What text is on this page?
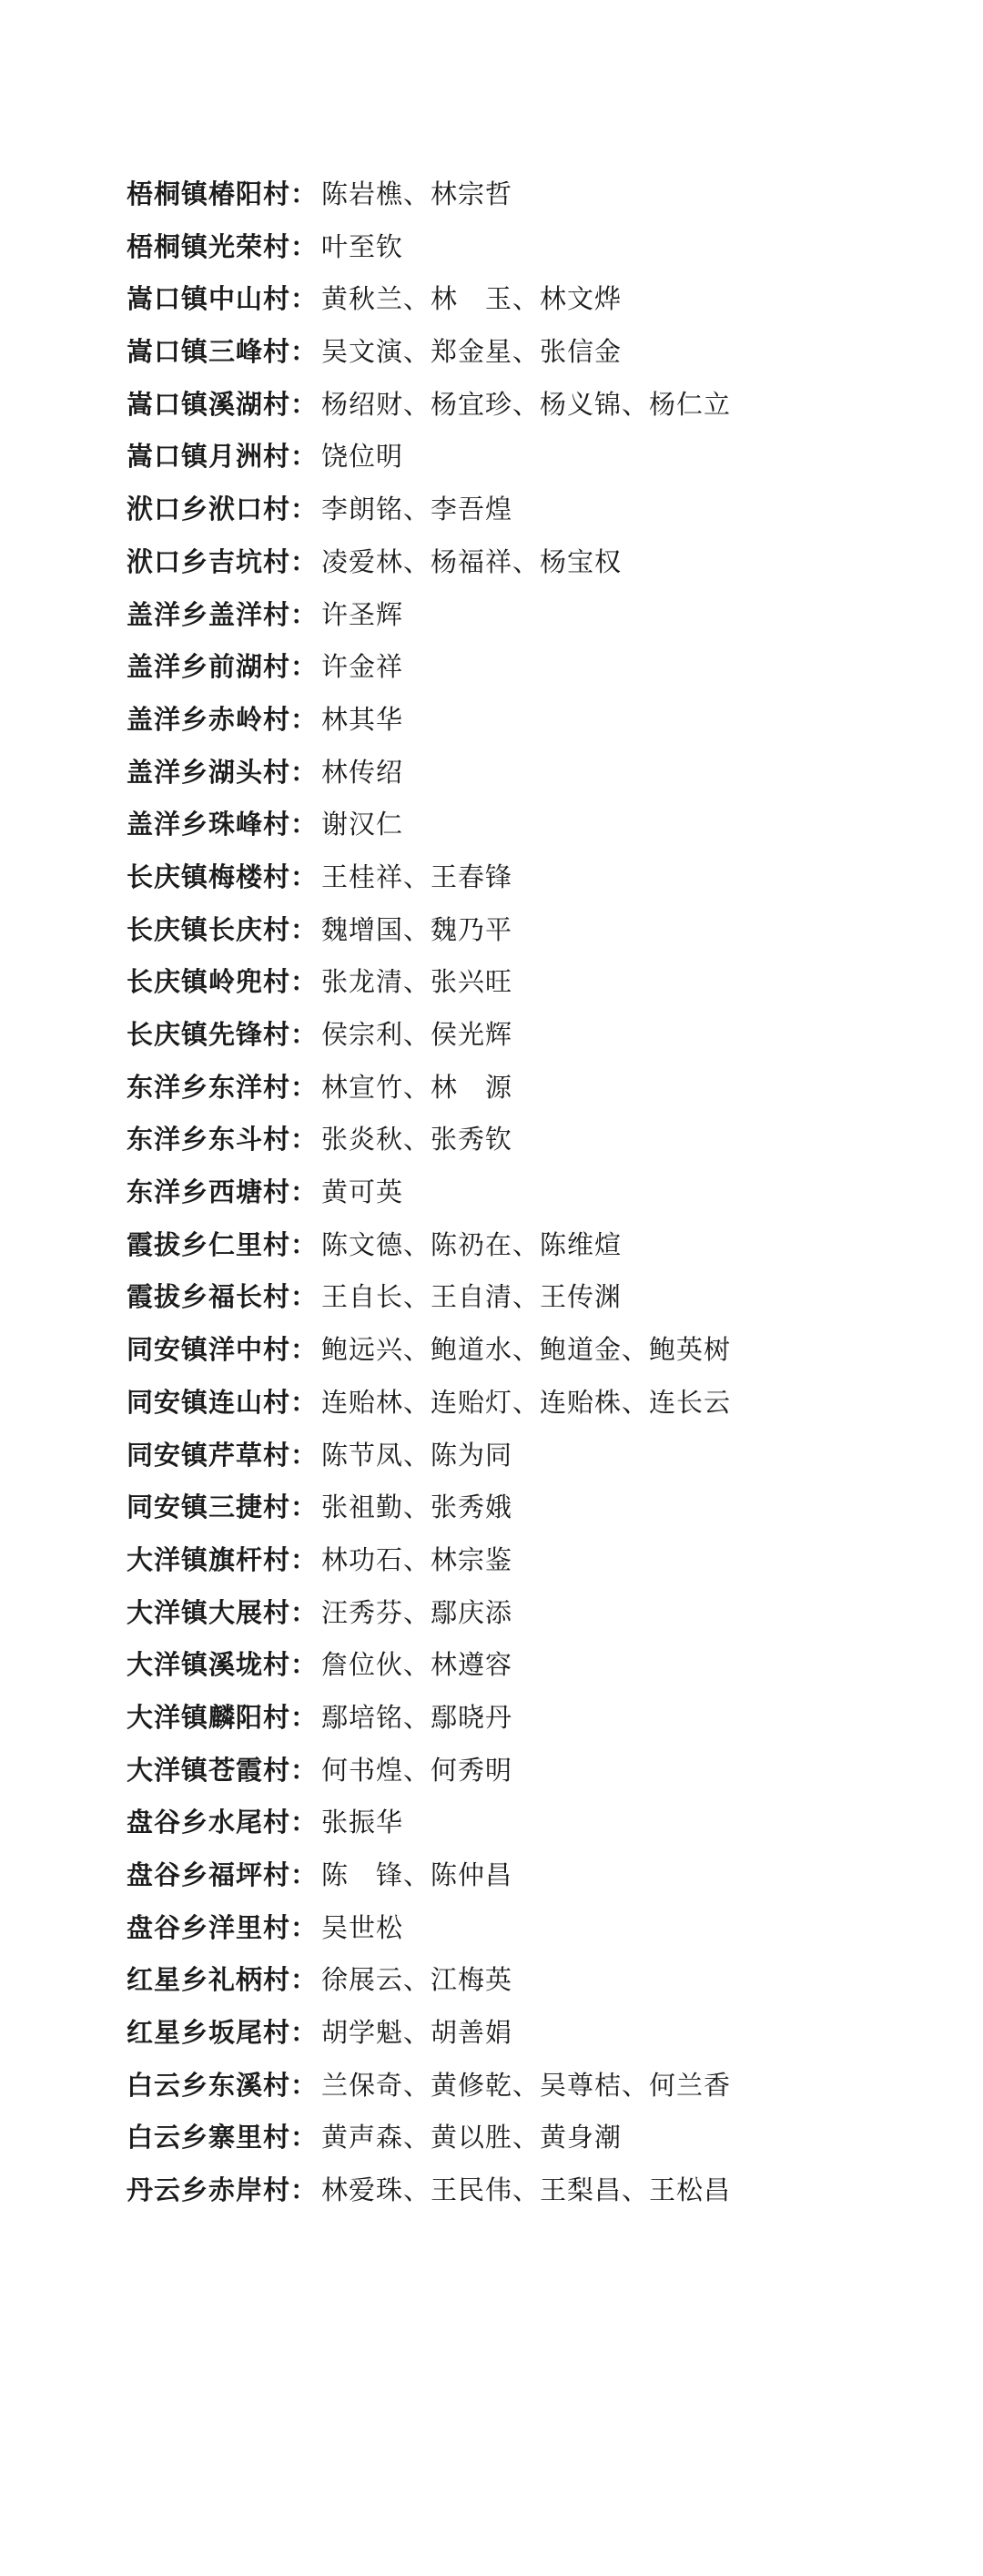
梧桐镇椿阳村： 陈岩樵、林宗哲
梧桐镇光荣村： 叶至钦
嵩口镇中山村： 黄秋兰、林　玉、林文烨
嵩口镇三峰村： 吴文演、郑金星、张信金
嵩口镇溪湖村： 杨绍财、杨宜珍、杨义锦、杨仁立
嵩口镇月洲村： 饶位明
洑口乡洑口村： 李朗铭、李吾煌
洑口乡吉坑村： 凌爱林、杨福祥、杨宝权
盖洋乡盖洋村： 许圣辉
盖洋乡前湖村： 许金祥
盖洋乡赤岭村： 林其华
盖洋乡湖头村： 林传绍
盖洋乡珠峰村： 谢汉仁
长庆镇梅楼村： 王桂祥、王春锋
长庆镇长庆村： 魏增国、魏乃平
长庆镇岭兜村： 张龙清、张兴旺
长庆镇先锋村： 侯宗利、侯光辉
东洋乡东洋村： 林宣竹、林　源
东洋乡东斗村： 张炎秋、张秀钦
东洋乡西塘村： 黄可英
霞拔乡仁里村： 陈文德、陈礽在、陈维煊
霞拔乡福长村： 王自长、王自清、王传渊
同安镇洋中村： 鲍远兴、鲍道水、鲍道金、鲍英树
同安镇连山村： 连贻林、连贻灯、连贻株、连长云
同安镇芹草村： 陈节凤、陈为同
同安镇三捷村： 张祖勤、张秀娥
大洋镇旗杆村： 林功石、林宗鉴
大洋镇大展村： 汪秀芬、鄢庆添
大洋镇溪垅村： 詹位伙、林遵容
大洋镇麟阳村： 鄢培铭、鄢晓丹
大洋镇苍霞村： 何书煌、何秀明
盘谷乡水尾村： 张振华
盘谷乡福坪村： 陈　锋、陈仲昌
盘谷乡洋里村： 吴世松
红星乡礼柄村： 徐展云、江梅英
红星乡坂尾村： 胡学魁、胡善娟
白云乡东溪村： 兰保奇、黄修乾、吴尊桔、何兰香
白云乡寨里村： 黄声森、黄以胜、黄身潮
丹云乡赤岸村： 林爱珠、王民伟、王梨昌、王松昌
